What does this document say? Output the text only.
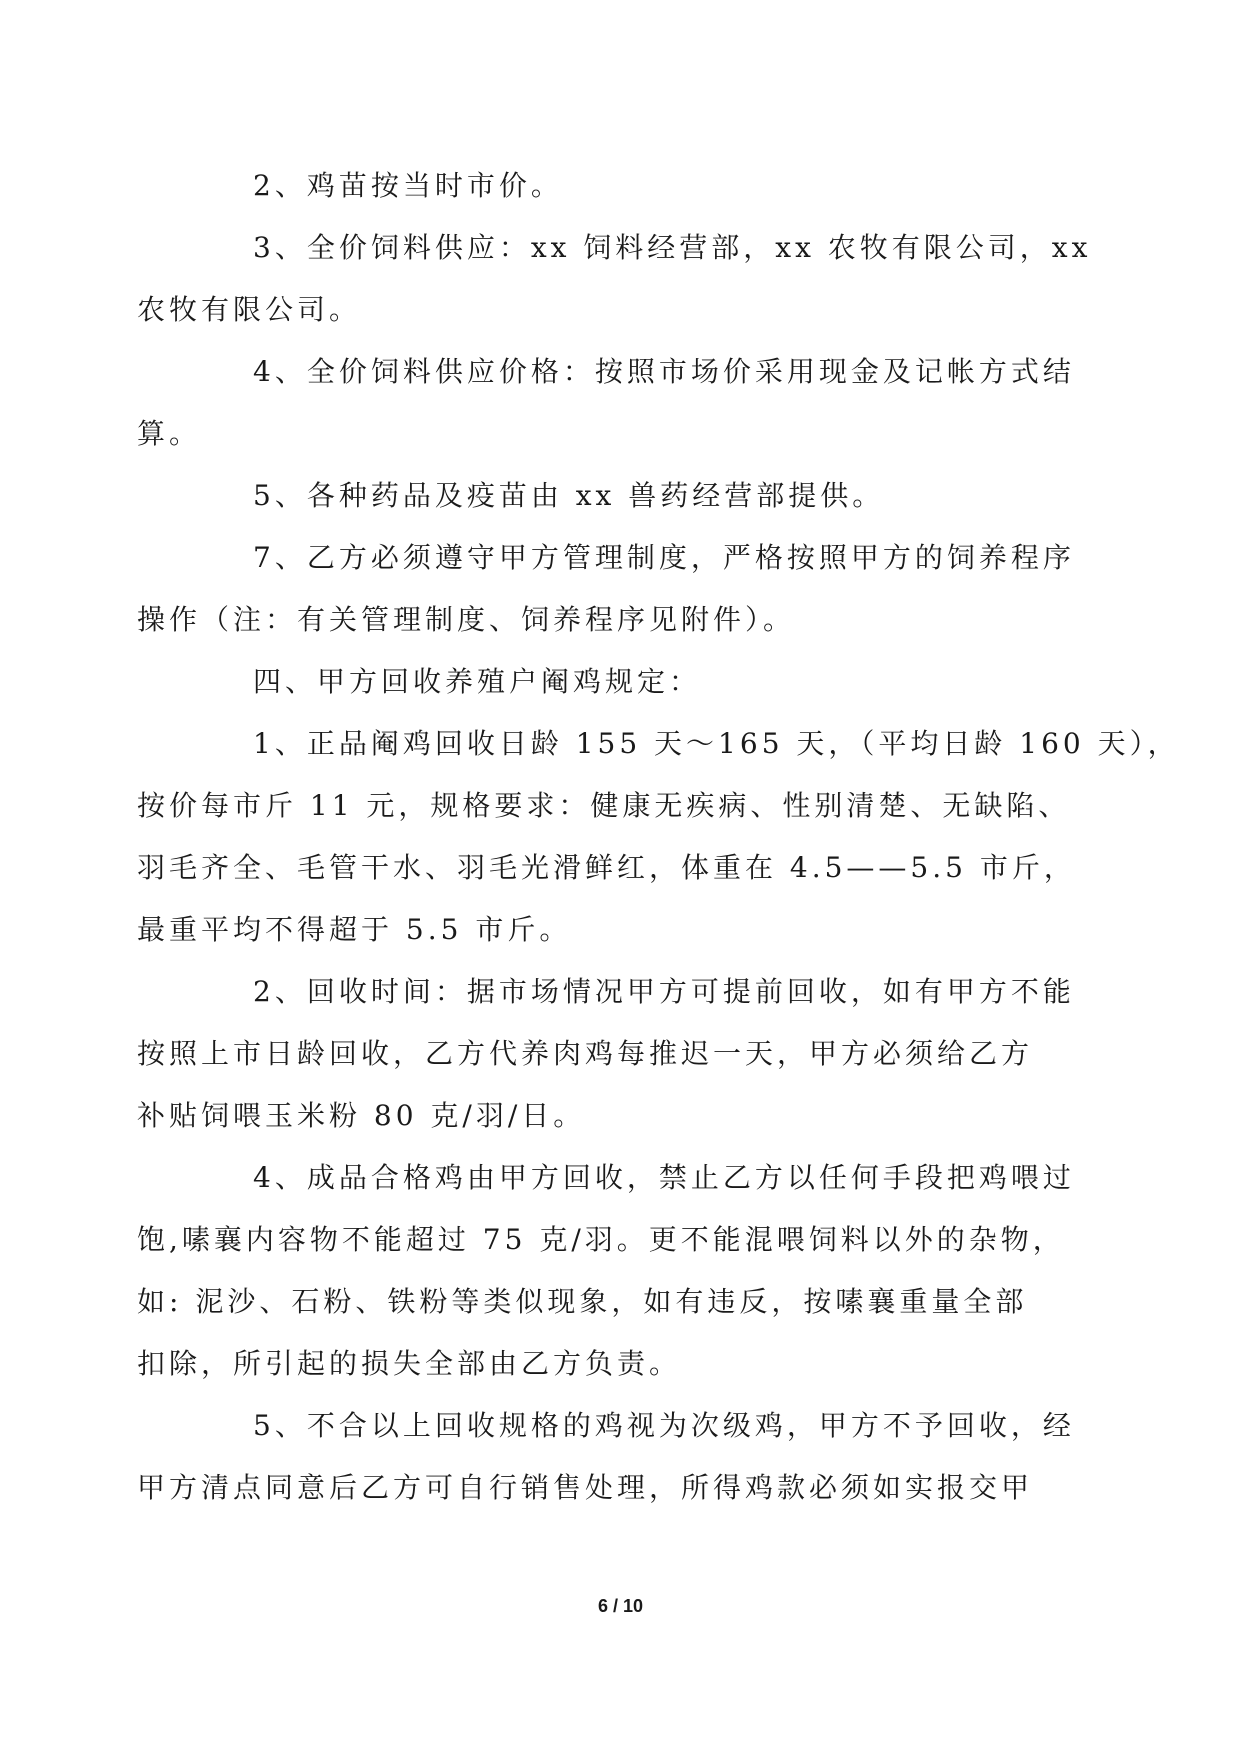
2、鸡苗按当时市价。

3、全价饲料供应：xx 饲料经营部，xx 农牧有限公司，xx
农牧有限公司。

4、全价饲料供应价格：按照市场价采用现金及记帐方式结
算。

5、各种药品及疫苗由 xx 兽药经营部提供。

7、乙方必须遵守甲方管理制度，严格按照甲方的饲养程序
操作（注：有关管理制度、饲养程序见附件）。

四、甲方回收养殖户阉鸡规定：

1、正品阉鸡回收日龄 155 天～165 天，（平均日龄 160 天），
按价每市斤 11 元，规格要求：健康无疾病、性别清楚、无缺陷、
羽毛齐全、毛管干水、羽毛光滑鲜红，体重在 4.5——5.5 市斤，
最重平均不得超于 5.5 市斤。

2、回收时间：据市场情况甲方可提前回收，如有甲方不能
按照上市日龄回收，乙方代养肉鸡每推迟一天，甲方必须给乙方
补贴饲喂玉米粉 80 克/羽/日。

4、成品合格鸡由甲方回收，禁止乙方以任何手段把鸡喂过
饱,嗉襄内容物不能超过 75 克/羽。更不能混喂饲料以外的杂物，
如: 泥沙、石粉、铁粉等类似现象，如有违反，按嗉襄重量全部
扣除，所引起的损失全部由乙方负责。

5、不合以上回收规格的鸡视为次级鸡，甲方不予回收，经
甲方清点同意后乙方可自行销售处理，所得鸡款必须如实报交甲

6 / 10
